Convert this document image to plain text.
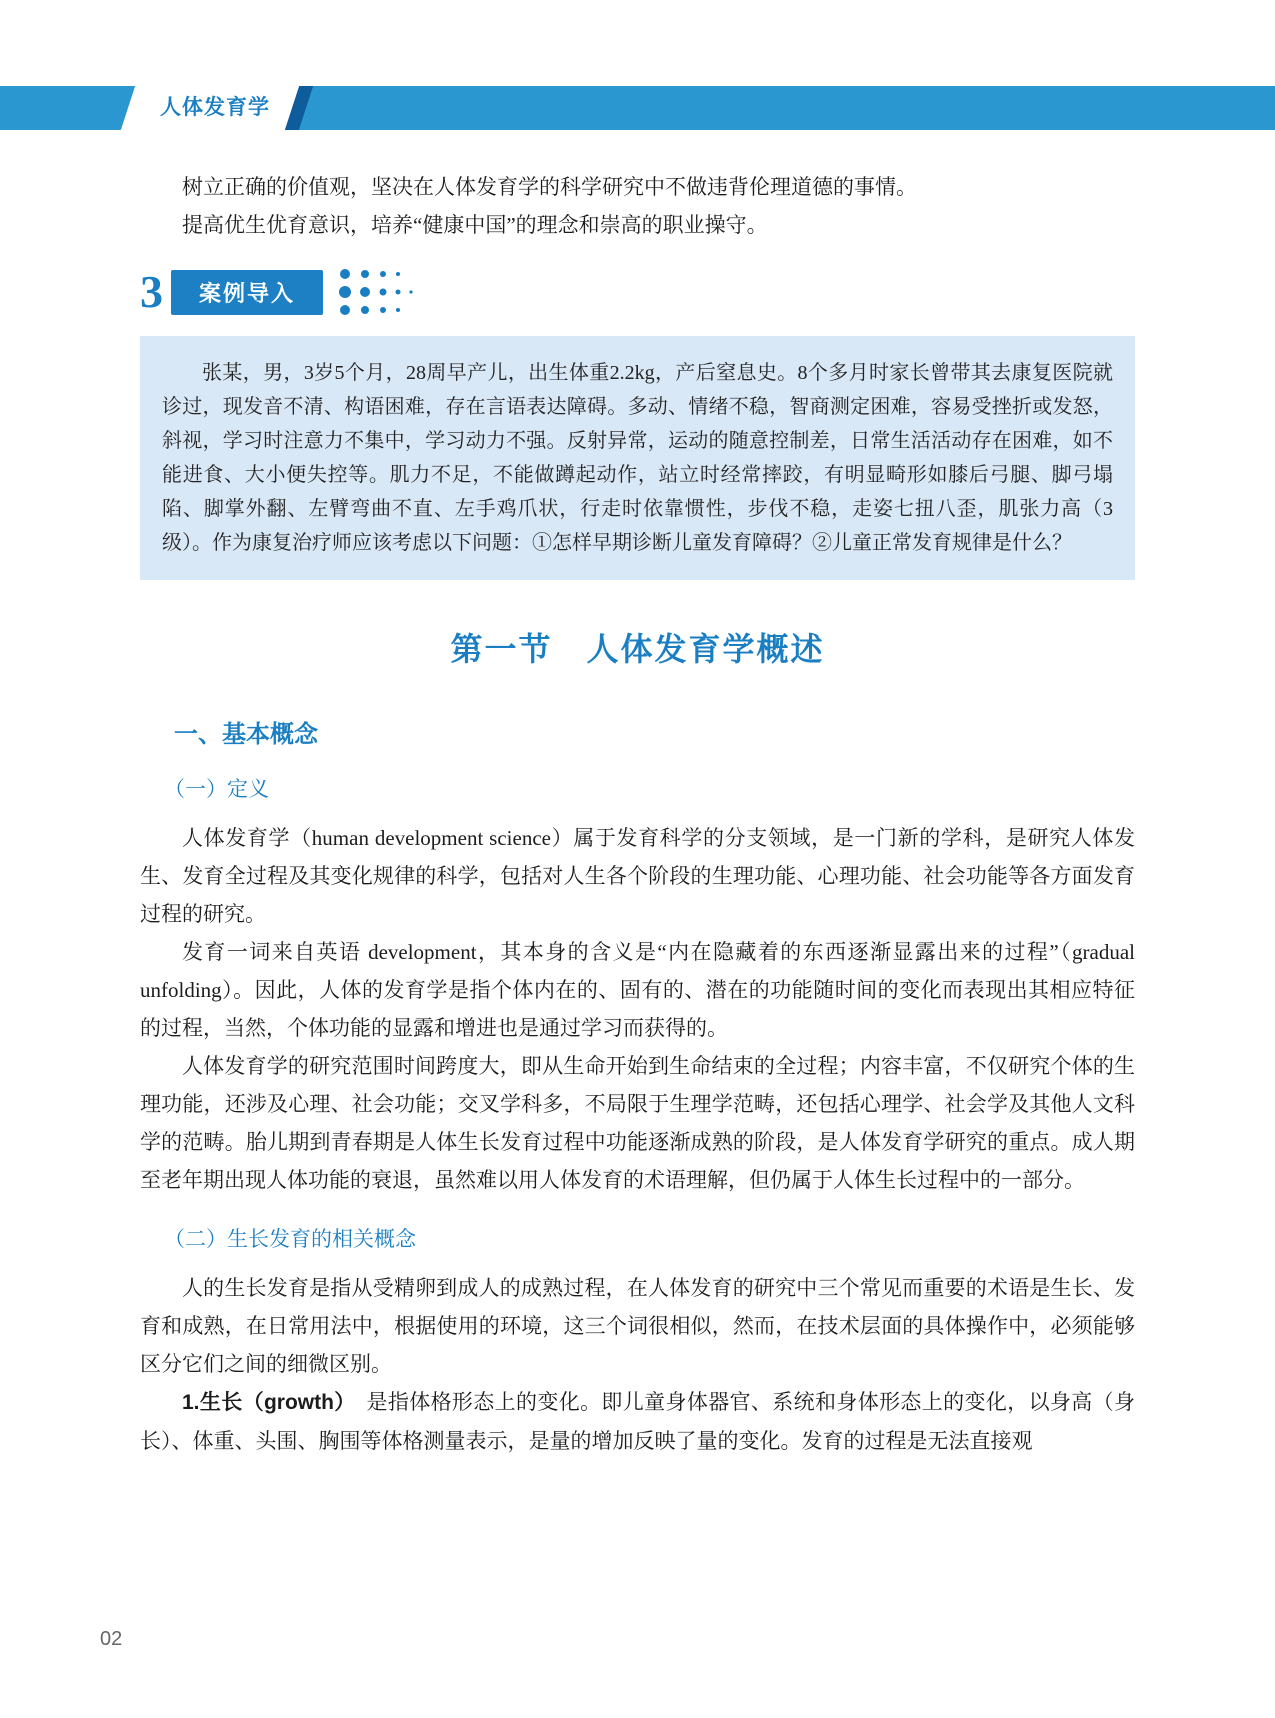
人体发育学

树立正确的价值观，坚决在人体发育学的科学研究中不做违背伦理道德的事情。

提高优生优育意识，培养“健康中国”的理念和崇高的职业操守。

3	案例导入

张某，男，3岁5个月，28周早产儿，出生体重2.2kg，产后窒息史。8个多月时家长曾带其去康复医院就诊过，现发音不清、构语困难，存在言语表达障碍。多动、情绪不稳，智商测定困难，容易受挫折或发怒，斜视，学习时注意力不集中，学习动力不强。反射异常，运动的随意控制差，日常生活活动存在困难，如不能进食、大小便失控等。肌力不足，不能做蹲起动作，站立时经常摔跤，有明显畸形如膝后弓腿、脚弓塌陷、脚掌外翻、左臂弯曲不直、左手鸡爪状，行走时依靠惯性，步伐不稳，走姿七扭八歪，肌张力高（3级）。作为康复治疗师应该考虑以下问题：①怎样早期诊断儿童发育障碍？②儿童正常发育规律是什么？

第一节　人体发育学概述
一、基本概念
（一）定义

人体发育学（human development science）属于发育科学的分支领域，是一门新的学科，是研究人体发生、发育全过程及其变化规律的科学，包括对人生各个阶段的生理功能、心理功能、社会功能等各方面发育过程的研究。

发育一词来自英语 development，其本身的含义是“内在隐藏着的东西逐渐显露出来的过程”（gradual unfolding）。因此，人体的发育学是指个体内在的、固有的、潜在的功能随时间的变化而表现出其相应特征的过程，当然，个体功能的显露和增进也是通过学习而获得的。

人体发育学的研究范围时间跨度大，即从生命开始到生命结束的全过程；内容丰富，不仅研究个体的生理功能，还涉及心理、社会功能；交叉学科多，不局限于生理学范畴，还包括心理学、社会学及其他人文科学的范畴。胎儿期到青春期是人体生长发育过程中功能逐渐成熟的阶段，是人体发育学研究的重点。成人期至老年期出现人体功能的衰退，虽然难以用人体发育的术语理解，但仍属于人体生长过程中的一部分。

（二）生长发育的相关概念

人的生长发育是指从受精卵到成人的成熟过程，在人体发育的研究中三个常见而重要的术语是生长、发育和成熟，在日常用法中，根据使用的环境，这三个词很相似，然而，在技术层面的具体操作中，必须能够区分它们之间的细微区别。

1.生长（growth）　是指体格形态上的变化。即儿童身体器官、系统和身体形态上的变化，以身高（身长）、体重、头围、胸围等体格测量表示，是量的增加反映了量的变化。发育的过程是无法直接观

02
